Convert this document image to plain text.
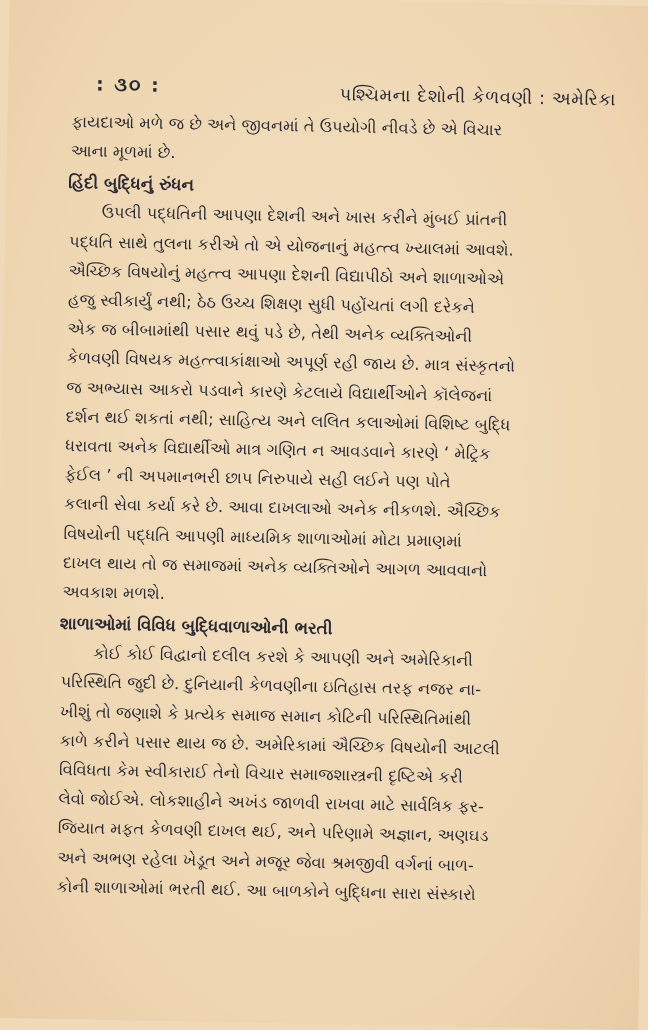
: ૩૦ :	પશ્ચિમના દેશોની કેળવણી : અમેરિકા

ફાયદાઓ મળે જ છે અને જીવનમાં તે ઉપયોગી નીવડે છે એ વિચાર
આના મૂળમાં છે.

હિંદી બુદ્ધિનું રુંધન

ઉપલી પદ્ધતિની આપણા દેશની અને ખાસ કરીને મુંબઈ પ્રાંતની
પદ્ધતિ સાથે તુલના કરીએ તો એ યોજનાનું મહત્ત્વ ખ્યાલમાં આવશે.
ઐચ્છિક વિષયોનું મહત્ત્વ આપણા દેશની વિદ્યાપીઠો અને શાળાઓએ
હજુ સ્વીકાર્યું નથી; ઠેઠ ઉચ્ચ શિક્ષણ સુધી પહોંચતાં લગી દરેકને
એક જ બીબામાંથી પસાર થવું પડે છે, તેથી અનેક વ્યક્તિઓની
કેળવણી વિષયક મહત્ત્વાકાંક્ષાઓ અપૂર્ણ રહી જાય છે. માત્ર સંસ્કૃતનો
જ અભ્યાસ આકરો પડવાને કારણે કેટલાયે વિદ્યાર્થીઓને કૉલેજનાં
દર્શન થઈ શકતાં નથી; સાહિત્ય અને લલિત કલાઓમાં વિશિષ્ટ બુદ્ધિ
ધરાવતા અનેક વિદ્યાર્થીઓ માત્ર ગણિત ન આવડવાને કારણે ‘ મેટ્રિક
ફેઈલ ’ ની અપમાનભરી છાપ નિરુપાયે સહી લઈને પણ પોતે
કલાની સેવા કર્યા કરે છે. આવા દાખલાઓ અનેક નીકળશે. ઐચ્છિક
વિષયોની પદ્ધતિ આપણી માધ્યમિક શાળાઓમાં મોટા પ્રમાણમાં
દાખલ થાય તો જ સમાજમાં અનેક વ્યક્તિઓને આગળ આવવાનો
અવકાશ મળશે.

શાળાઓમાં વિવિધ બુદ્ધિવાળાઓની ભરતી

કોઈ કોઈ વિદ્વાનો દલીલ કરશે કે આપણી અને અમેરિકાની
પરિસ્થિતિ જુદી છે. દુનિયાની કેળવણીના ઇતિહાસ તરફ નજર ના-
ખીશું તો જણાશે કે પ્રત્યેક સમાજ સમાન કોટિની પરિસ્થિતિમાંથી
કાળે કરીને પસાર થાય જ છે. અમેરિકામાં ઐચ્છિક વિષયોની આટલી
વિવિધતા કેમ સ્વીકારાઈ તેનો વિચાર સમાજશાસ્ત્રની દૃષ્ટિએ કરી
લેવો જોઈએ. લોકશાહીને અખંડ જાળવી રાખવા માટે સાર્વત્રિક ફર-
જિયાત મફત કેળવણી દાખલ થઈ, અને પરિણામે અજ્ઞાન, અણઘડ
અને અભણ રહેલા ખેડૂત અને મજૂર જેવા શ્રમજીવી વર્ગનાં બાળ-
કોની શાળાઓમાં ભરતી થઈ. આ બાળકોને બુદ્ધિના સારા સંસ્કારો
